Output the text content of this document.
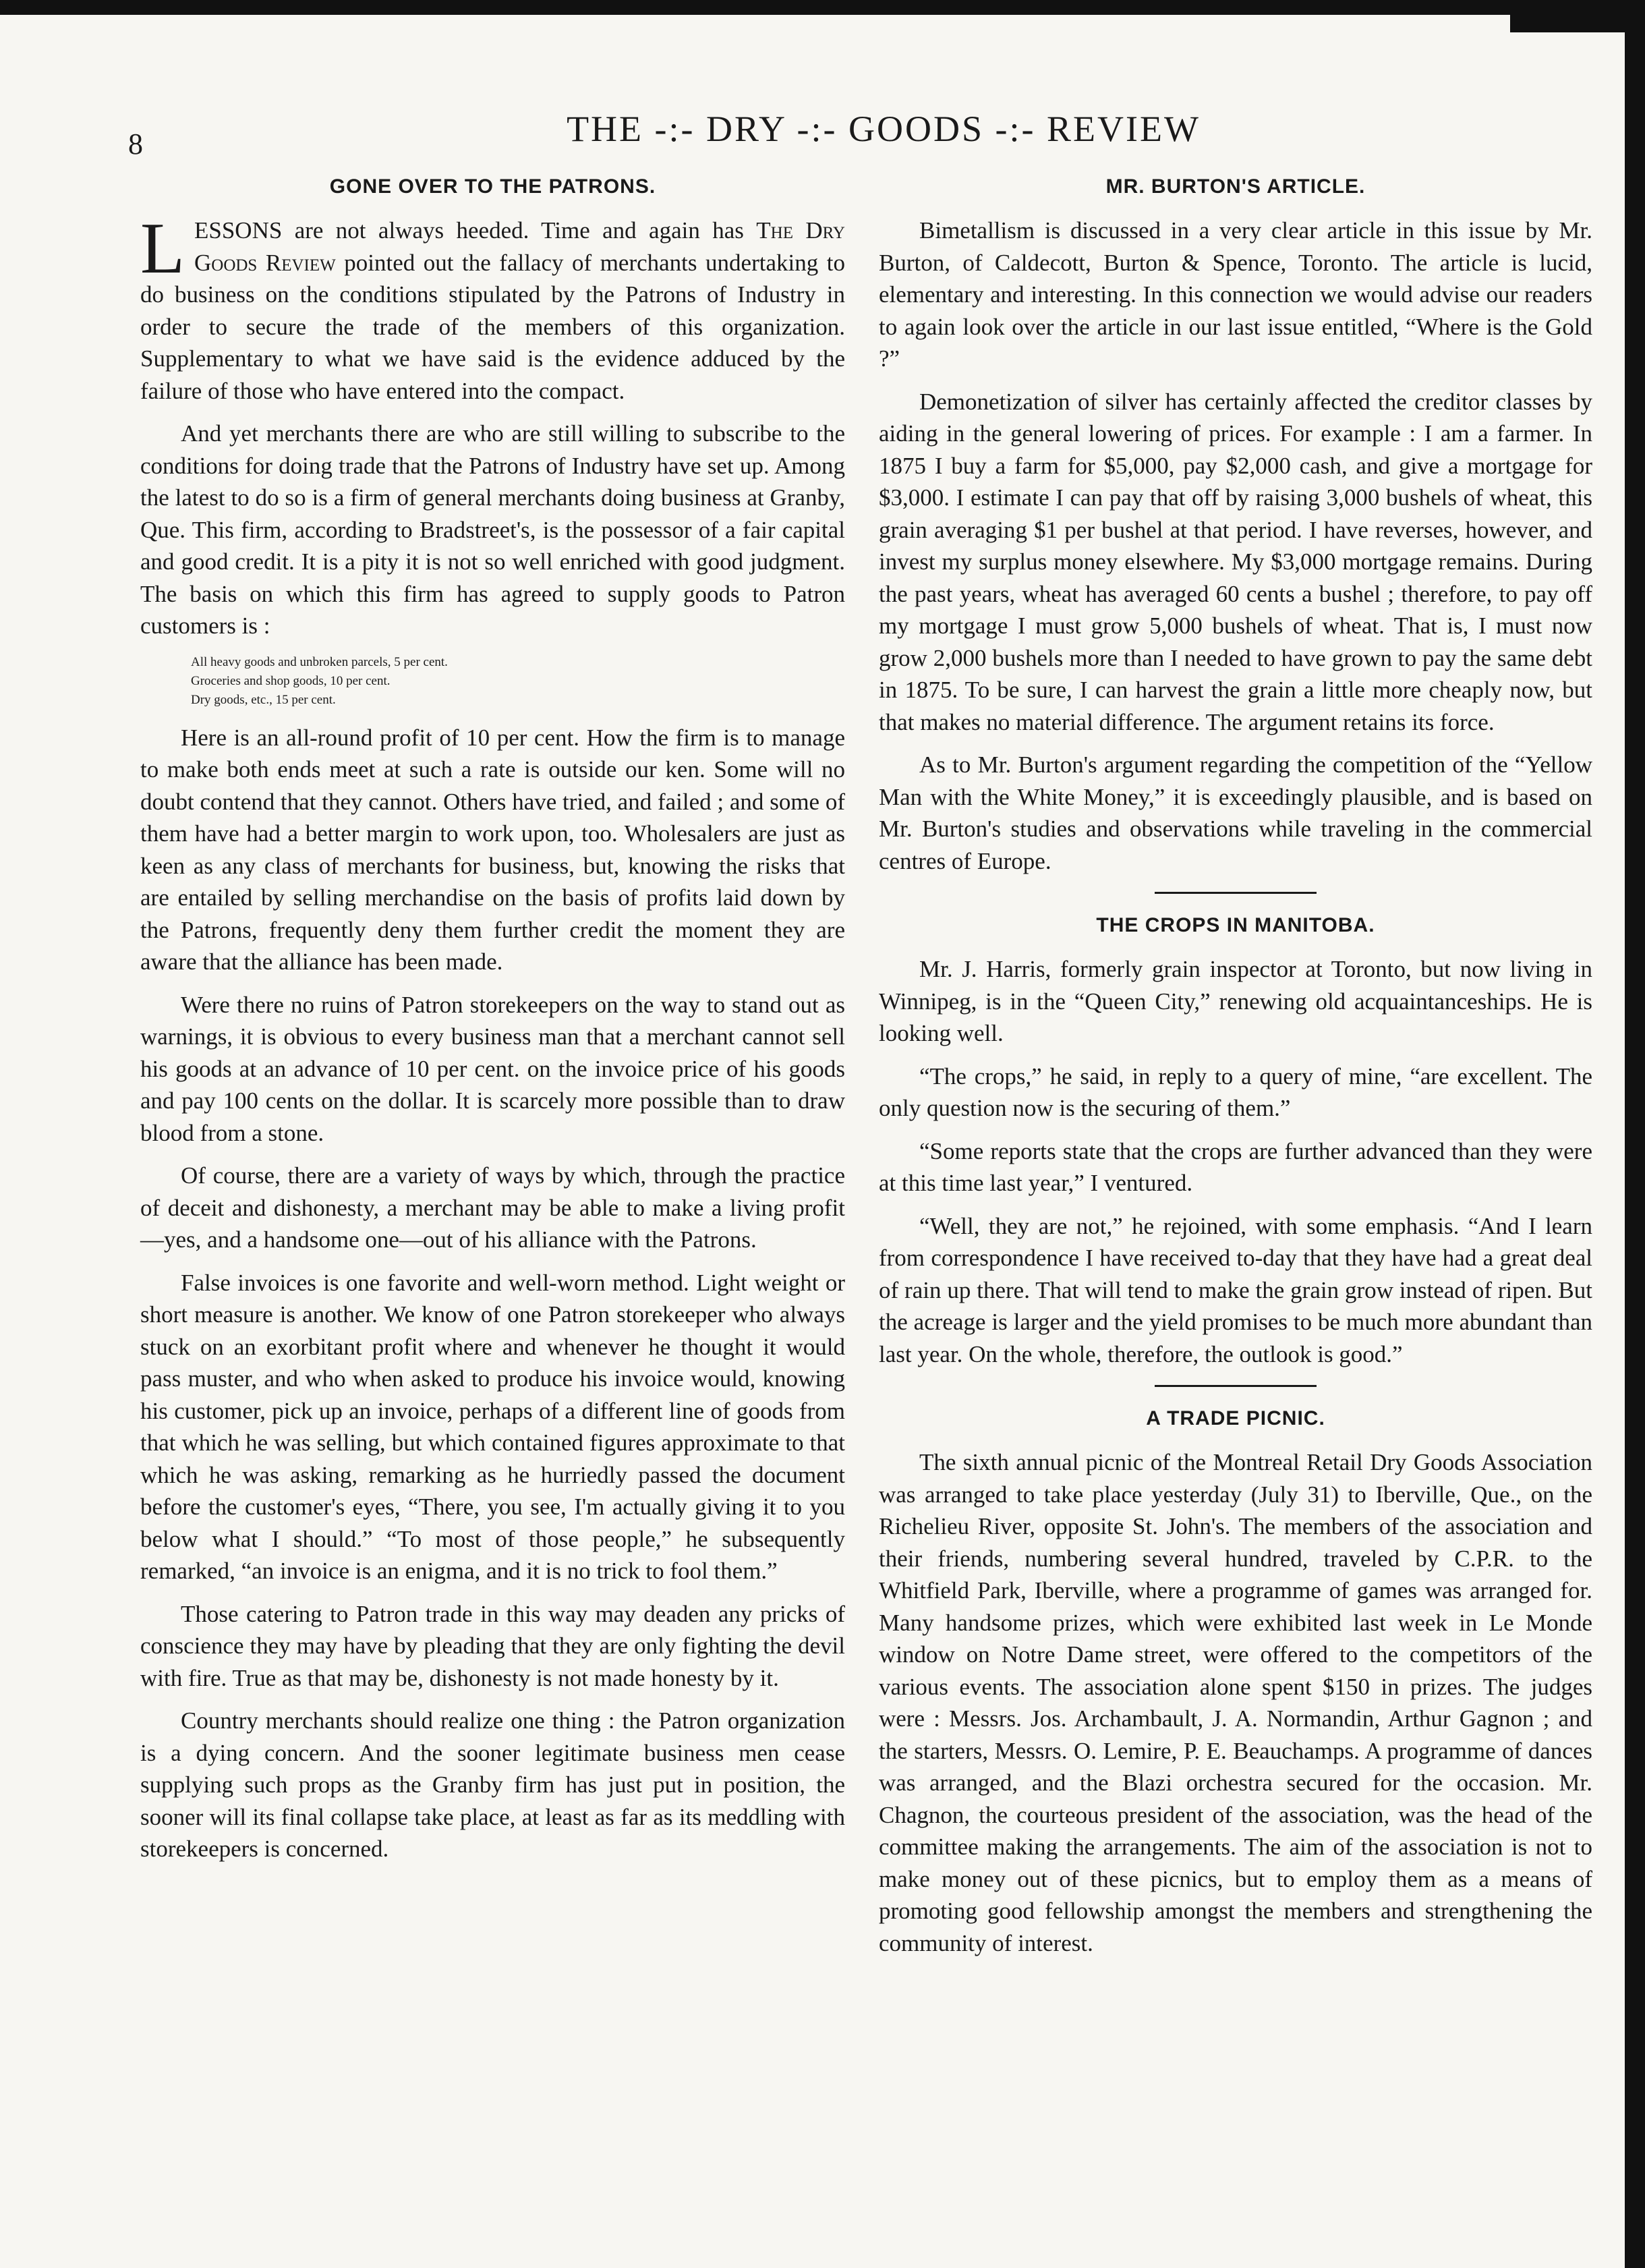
8	THE -:- DRY -:- GOODS -:- REVIEW
GONE OVER TO THE PATRONS.

LESSONS are not always heeded. Time and again has The Dry Goods Review pointed out the fallacy of merchants undertaking to do business on the conditions stipulated by the Patrons of Industry in order to secure the trade of the members of this organization. Supplementary to what we have said is the evidence adduced by the failure of those who have entered into the compact.

And yet merchants there are who are still willing to subscribe to the conditions for doing trade that the Patrons of Industry have set up. Among the latest to do so is a firm of general merchants doing business at Granby, Que. This firm, according to Bradstreet's, is the possessor of a fair capital and good credit. It is a pity it is not so well enriched with good judgment. The basis on which this firm has agreed to supply goods to Patron customers is :

All heavy goods and unbroken parcels, 5 per cent.
Groceries and shop goods, 10 per cent.
Dry goods, etc., 15 per cent.

Here is an all-round profit of 10 per cent. How the firm is to manage to make both ends meet at such a rate is outside our ken. Some will no doubt contend that they cannot. Others have tried, and failed ; and some of them have had a better margin to work upon, too. Wholesalers are just as keen as any class of merchants for business, but, knowing the risks that are entailed by selling merchandise on the basis of profits laid down by the Patrons, frequently deny them further credit the moment they are aware that the alliance has been made.

Were there no ruins of Patron storekeepers on the way to stand out as warnings, it is obvious to every business man that a merchant cannot sell his goods at an advance of 10 per cent. on the invoice price of his goods and pay 100 cents on the dollar. It is scarcely more possible than to draw blood from a stone.

Of course, there are a variety of ways by which, through the practice of deceit and dishonesty, a merchant may be able to make a living profit —yes, and a handsome one—out of his alliance with the Patrons.

False invoices is one favorite and well-worn method. Light weight or short measure is another. We know of one Patron storekeeper who always stuck on an exorbitant profit where and whenever he thought it would pass muster, and who when asked to produce his invoice would, knowing his customer, pick up an invoice, perhaps of a different line of goods from that which he was selling, but which contained figures approximate to that which he was asking, remarking as he hurriedly passed the document before the customer's eyes, “There, you see, I'm actually giving it to you below what I should.” “To most of those people,” he subsequently remarked, “an invoice is an enigma, and it is no trick to fool them.”

Those catering to Patron trade in this way may deaden any pricks of conscience they may have by pleading that they are only fighting the devil with fire. True as that may be, dishonesty is not made honesty by it.

Country merchants should realize one thing : the Patron organization is a dying concern. And the sooner legitimate business men cease supplying such props as the Granby firm has just put in position, the sooner will its final collapse take place, at least as far as its meddling with storekeepers is concerned.

MR. BURTON'S ARTICLE.

Bimetallism is discussed in a very clear article in this issue by Mr. Burton, of Caldecott, Burton & Spence, Toronto. The article is lucid, elementary and interesting. In this connection we would advise our readers to again look over the article in our last issue entitled, “Where is the Gold ?”

Demonetization of silver has certainly affected the creditor classes by aiding in the general lowering of prices. For example : I am a farmer. In 1875 I buy a farm for $5,000, pay $2,000 cash, and give a mortgage for $3,000. I estimate I can pay that off by raising 3,000 bushels of wheat, this grain averaging $1 per bushel at that period. I have reverses, however, and invest my surplus money elsewhere. My $3,000 mortgage remains. During the past years, wheat has averaged 60 cents a bushel ; therefore, to pay off my mortgage I must grow 5,000 bushels of wheat. That is, I must now grow 2,000 bushels more than I needed to have grown to pay the same debt in 1875. To be sure, I can harvest the grain a little more cheaply now, but that makes no material difference. The argument retains its force.

As to Mr. Burton's argument regarding the competition of the “Yellow Man with the White Money,” it is exceedingly plausible, and is based on Mr. Burton's studies and observations while traveling in the commercial centres of Europe.

THE CROPS IN MANITOBA.

Mr. J. Harris, formerly grain inspector at Toronto, but now living in Winnipeg, is in the “Queen City,” renewing old acquaintanceships. He is looking well.

“The crops,” he said, in reply to a query of mine, “are excellent. The only question now is the securing of them.”

“Some reports state that the crops are further advanced than they were at this time last year,” I ventured.

“Well, they are not,” he rejoined, with some emphasis. “And I learn from correspondence I have received to-day that they have had a great deal of rain up there. That will tend to make the grain grow instead of ripen. But the acreage is larger and the yield promises to be much more abundant than last year. On the whole, therefore, the outlook is good.”

A TRADE PICNIC.

The sixth annual picnic of the Montreal Retail Dry Goods Association was arranged to take place yesterday (July 31) to Iberville, Que., on the Richelieu River, opposite St. John's. The members of the association and their friends, numbering several hundred, traveled by C.P.R. to the Whitfield Park, Iberville, where a programme of games was arranged for. Many handsome prizes, which were exhibited last week in Le Monde window on Notre Dame street, were offered to the competitors of the various events. The association alone spent $150 in prizes. The judges were : Messrs. Jos. Archambault, J. A. Normandin, Arthur Gagnon ; and the starters, Messrs. O. Lemire, P. E. Beauchamps. A programme of dances was arranged, and the Blazi orchestra secured for the occasion. Mr. Chagnon, the courteous president of the association, was the head of the committee making the arrangements. The aim of the association is not to make money out of these picnics, but to employ them as a means of promoting good fellowship amongst the members and strengthening the community of interest.
